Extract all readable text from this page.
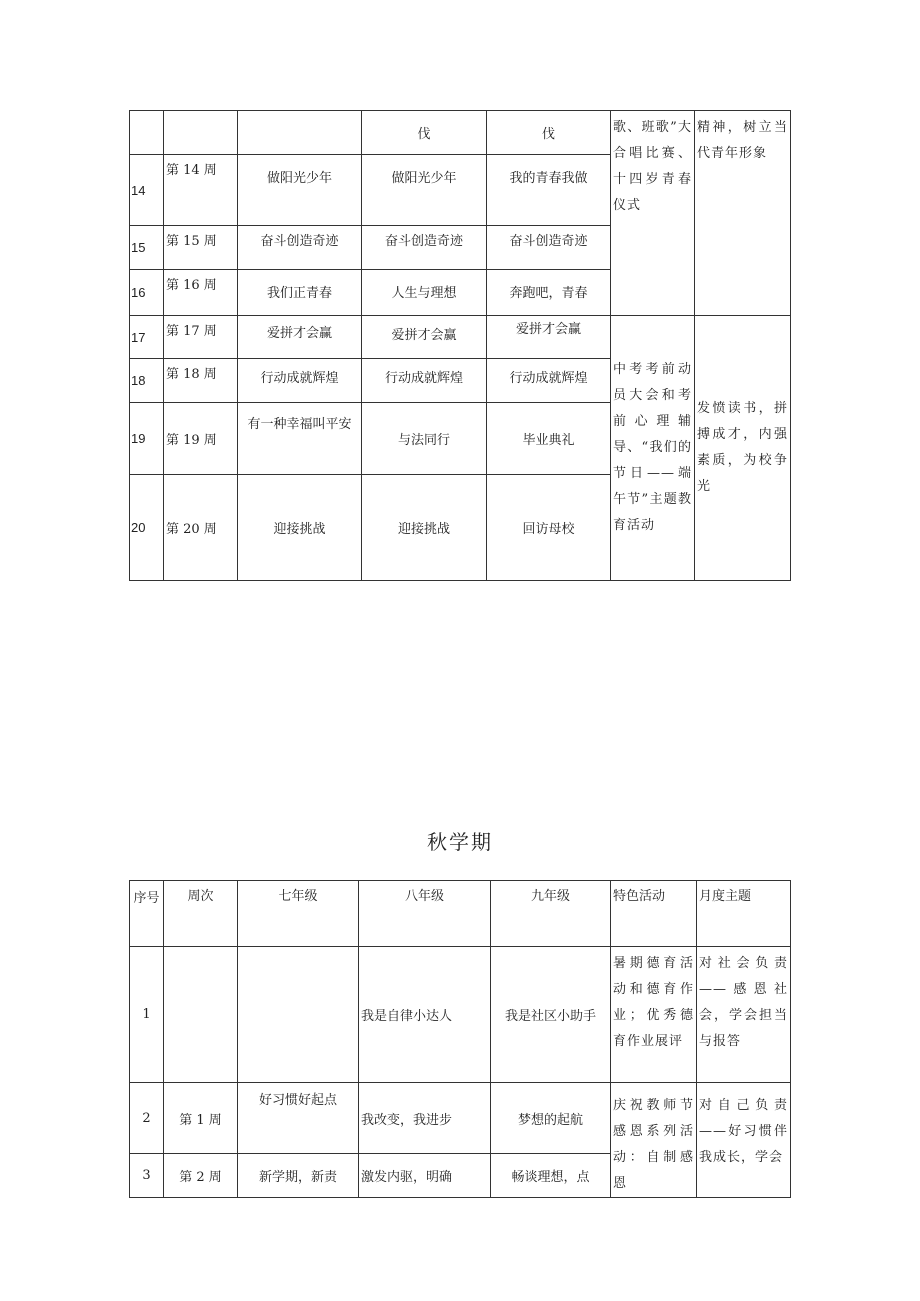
			伐	伐	歌、班歌”大合唱比赛、十四岁青春仪式	精神，树立当代青年形象
14	第 14 周	做阳光少年	做阳光少年	我的青春我做		
15	第 15 周	奋斗创造奇迹	奋斗创造奇迹	奋斗创造奇迹		
16	第 16 周	我们正青春	人生与理想	奔跑吧，青春		
17	第 17 周	爱拼才会赢	爱拼才会赢	爱拼才会赢	中考考前动员大会和考前心理辅导、“我们的节日——端午节”主题教育活动	发愤读书，拼搏成才，内强素质，为校争光
18	第 18 周	行动成就辉煌	行动成就辉煌	行动成就辉煌		
19	第 19 周	有一种幸福叫平安	与法同行	毕业典礼		
20	第 20 周	迎接挑战	迎接挑战	回访母校		
秋学期
序号	周次	七年级	八年级	九年级	特色活动	月度主题
1			我是自律小达人	我是社区小助手	暑期德育活动和德育作业；优秀德育作业展评	对社会负责——感恩社会，学会担当与报答
2	第 1 周	好习惯好起点	我改变，我进步	梦想的起航	庆祝教师节感恩系列活动：自制感恩	对自己负责——好习惯伴我成长，学会
3	第 2 周	新学期，新责	激发内驱，明确	畅谈理想，点		
